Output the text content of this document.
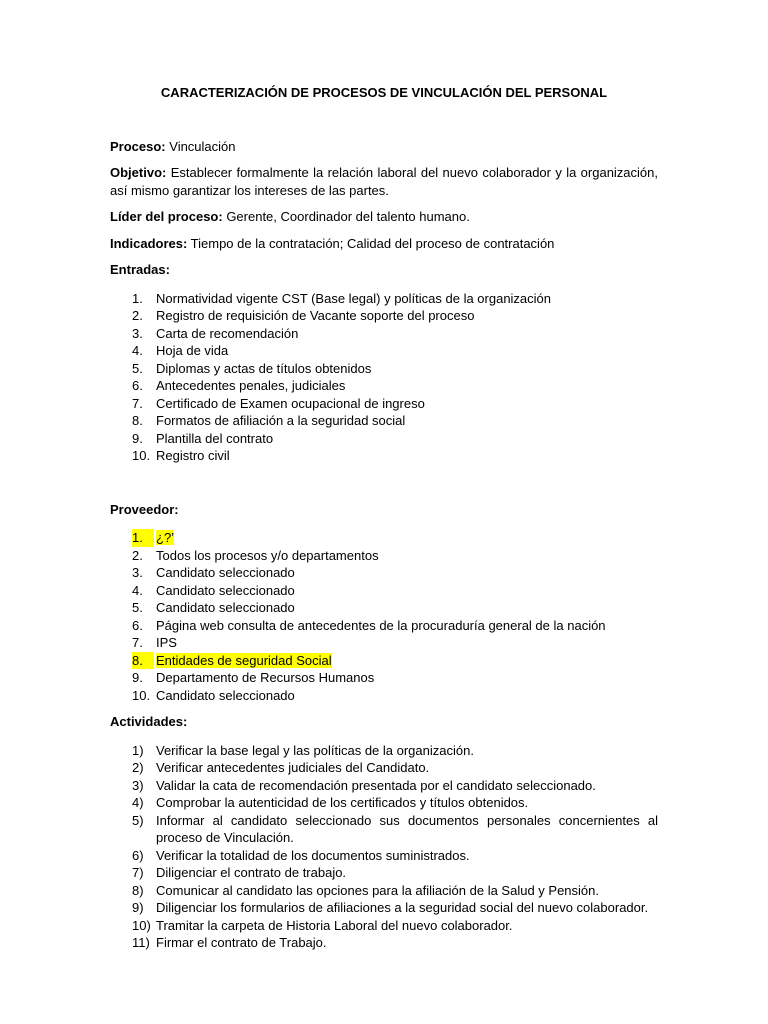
CARACTERIZACIÓN DE PROCESOS DE VINCULACIÓN DEL PERSONAL
Proceso: Vinculación
Objetivo: Establecer formalmente la relación laboral del nuevo colaborador y la organización, así mismo garantizar los intereses de las partes.
Líder del proceso: Gerente, Coordinador del talento humano.
Indicadores: Tiempo de la contratación; Calidad del proceso de contratación
Entradas:
1.	Normatividad vigente CST (Base legal) y políticas de la organización
2.	Registro de requisición de Vacante soporte del proceso
3.	Carta de recomendación
4.	Hoja de vida
5.	Diplomas y actas de títulos obtenidos
6.	Antecedentes penales, judiciales
7.	Certificado de Examen ocupacional de ingreso
8.	Formatos de afiliación a la seguridad social
9.	Plantilla del contrato
10. Registro civil
Proveedor:
1.	¿?’
2.	Todos los procesos y/o departamentos
3.	Candidato seleccionado
4.	Candidato seleccionado
5.	Candidato seleccionado
6.	Página web consulta de antecedentes de la procuraduría general de la nación
7.	IPS
8.	Entidades de seguridad Social
9.	Departamento de Recursos Humanos
10. Candidato seleccionado
Actividades:
1) Verificar la base legal y las políticas de la organización.
2) Verificar antecedentes judiciales del Candidato.
3) Validar la cata de recomendación presentada por el candidato seleccionado.
4) Comprobar la autenticidad de los certificados y títulos obtenidos.
5) Informar al candidato seleccionado sus documentos personales concernientes al proceso de Vinculación.
6) Verificar la totalidad de los documentos suministrados.
7) Diligenciar el contrato de trabajo.
8) Comunicar al candidato las opciones para la afiliación de la Salud y Pensión.
9) Diligenciar los formularios de afiliaciones a la seguridad social del nuevo colaborador.
10) Tramitar la carpeta de Historia Laboral del nuevo colaborador.
11) Firmar el contrato de Trabajo.
